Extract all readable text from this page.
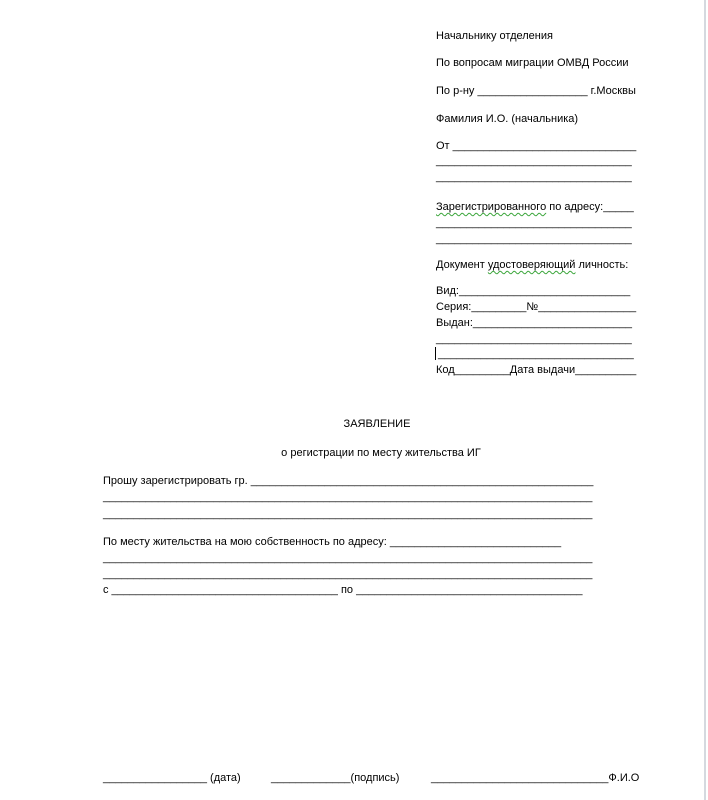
Начальнику отделения
По вопросам миграции ОМВД России
По р-ну __________________ г.Москвы
Фамилия И.О. (начальника)
От ______________________________
________________________________
________________________________
Зарегистрированного по адресу:_____
________________________________
________________________________
Документ удостоверяющий личность:
Вид:____________________________
Серия:_________№________________
Выдан:__________________________
________________________________
________________________________
Код_________Дата выдачи__________
ЗАЯВЛЕНИЕ
о регистрации по месту жительства ИГ
Прошу зарегистрировать гр. ________________________________________________________
________________________________________________________________________________
________________________________________________________________________________
По месту жительства на мою собственность по адресу: ____________________________
________________________________________________________________________________
________________________________________________________________________________
с _____________________________________ по _____________________________________
_________________ (дата)	_____________(подпись)	_____________________________Ф.И.О
